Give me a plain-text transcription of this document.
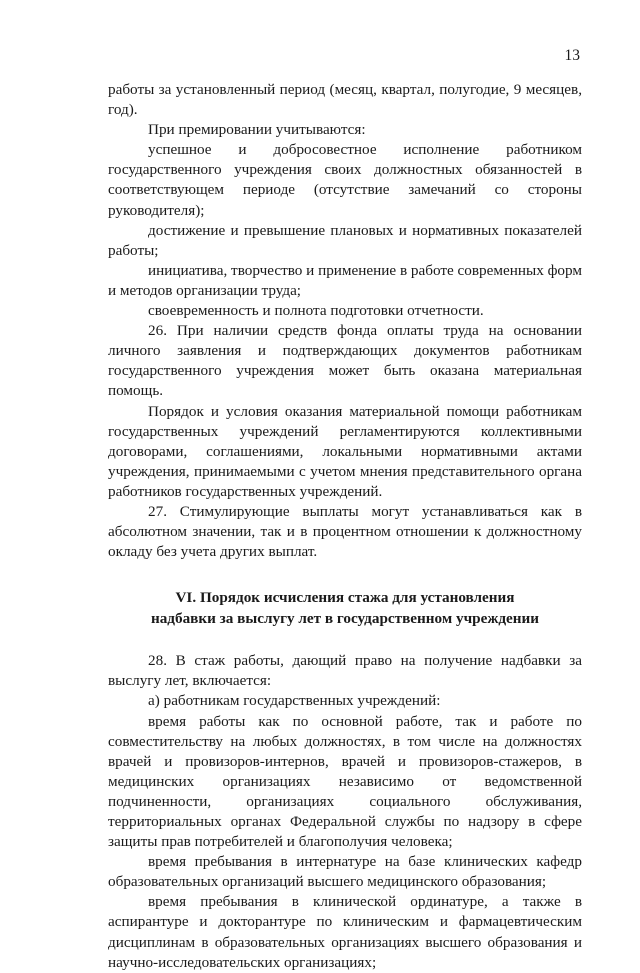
13

работы за установленный период (месяц, квартал, полугодие, 9 месяцев, год).

При премировании учитываются:

успешное и добросовестное исполнение работником государственного учреждения своих должностных обязанностей в соответствующем периоде (отсутствие замечаний со стороны руководителя);

достижение и превышение плановых и нормативных показателей работы;

инициатива, творчество и применение в работе современных форм и методов организации труда;

своевременность и полнота подготовки отчетности.

26. При наличии средств фонда оплаты труда на основании личного заявления и подтверждающих документов работникам государственного учреждения может быть оказана материальная помощь.

Порядок и условия оказания материальной помощи работникам государственных учреждений регламентируются коллективными договорами, соглашениями, локальными нормативными актами учреждения, принимаемыми с учетом мнения представительного органа работников государственных учреждений.

27. Стимулирующие выплаты могут устанавливаться как в абсолютном значении, так и в процентном отношении к должностному окладу без учета других выплат.

VI. Порядок исчисления стажа для установления
надбавки за выслугу лет в государственном учреждении

28. В стаж работы, дающий право на получение надбавки за выслугу лет, включается:

а) работникам государственных учреждений:

время работы как по основной работе, так и работе по совместительству на любых должностях, в том числе на должностях врачей и провизоров-интернов, врачей и провизоров-стажеров, в медицинских организациях независимо от ведомственной подчиненности, организациях социального обслуживания, территориальных органах Федеральной службы по надзору в сфере защиты прав потребителей и благополучия человека;

время пребывания в интернатуре на базе клинических кафедр образовательных организаций высшего медицинского образования;

время пребывания в клинической ординатуре, а также в аспирантуре и докторантуре по клиническим и фармацевтическим дисциплинам в образовательных организациях высшего образования и научно-исследовательских организациях;
